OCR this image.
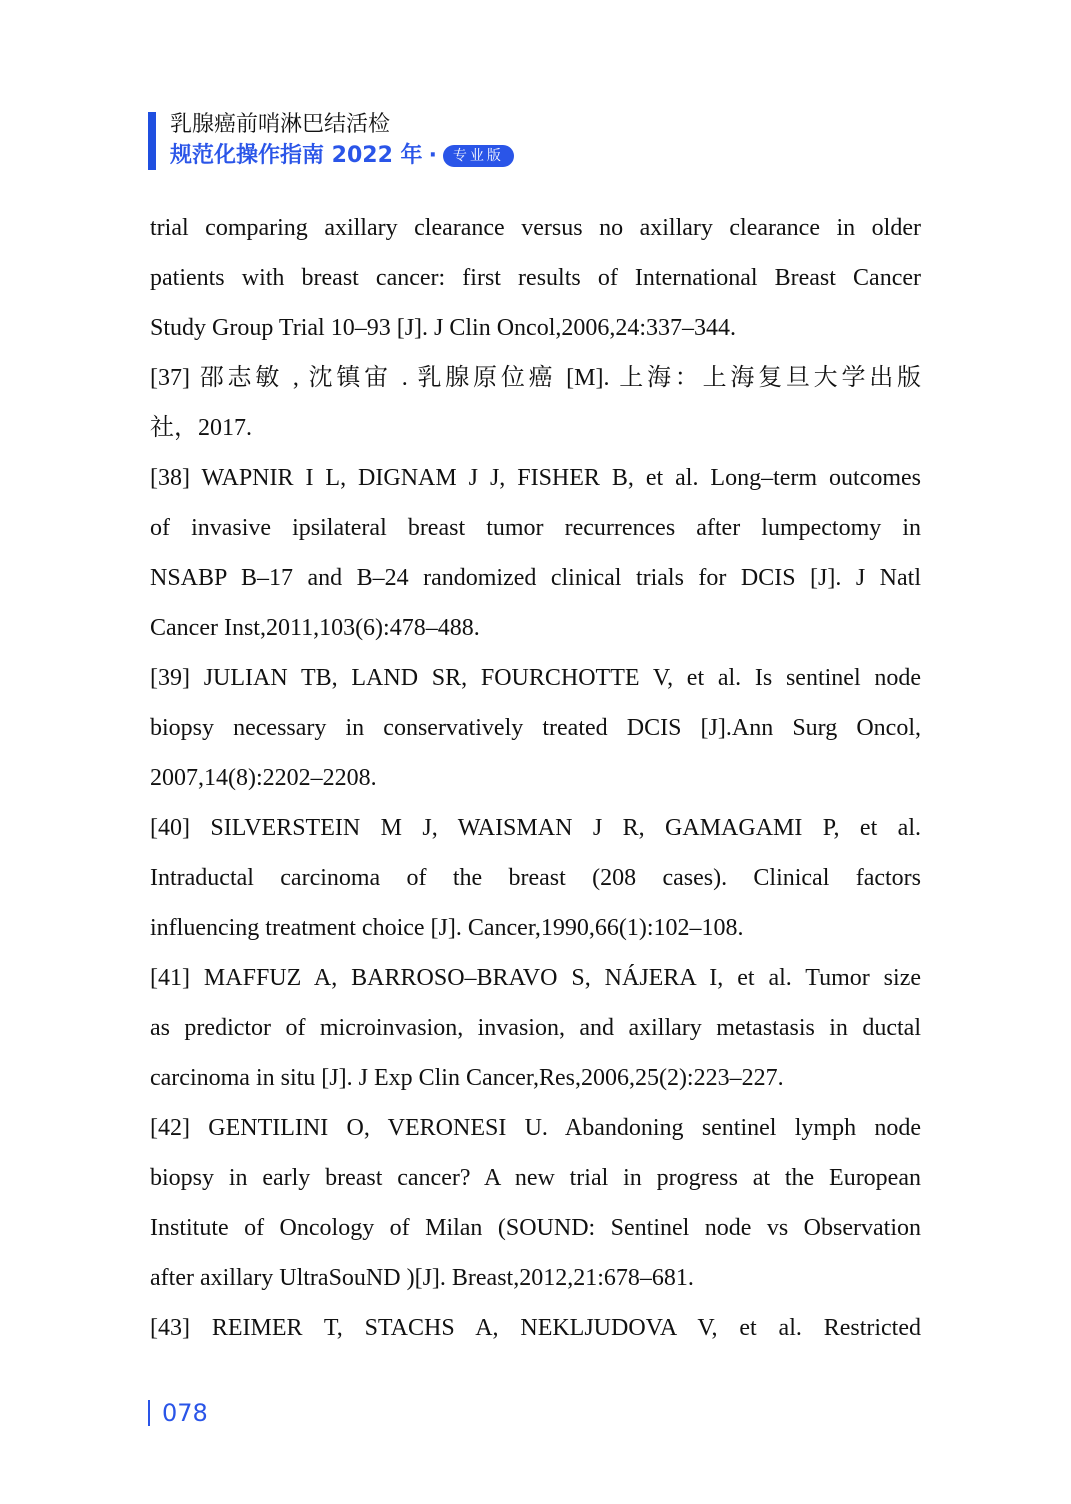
乳腺癌前哨淋巴结活检
规范化操作指南 2022 年 ·	专业版
trial comparing axillary clearance versus no axillary clearance in older
patients with breast cancer: first results of International Breast Cancer
Study Group Trial 10–93 [J]. J Clin Oncol,2006,24:337–344.
[37] 邵志敏 , 沈镇宙 . 乳腺原位癌 [M]. 上海：上海复旦大学出版
社，2017.
[38] WAPNIR I L, DIGNAM J J, FISHER B, et al. Long–term outcomes
of invasive ipsilateral breast tumor recurrences after lumpectomy in
NSABP B–17 and B–24 randomized clinical trials for DCIS [J]. J Natl
Cancer Inst,2011,103(6):478–488.
[39] JULIAN TB, LAND SR, FOURCHOTTE V, et al. Is sentinel node
biopsy necessary in conservatively treated DCIS [J].Ann Surg Oncol,
2007,14(8):2202–2208.
[40] SILVERSTEIN M J, WAISMAN J R, GAMAGAMI P, et al.
Intraductal carcinoma of the breast (208 cases). Clinical factors
influencing treatment choice [J]. Cancer,1990,66(1):102–108.
[41] MAFFUZ A, BARROSO–BRAVO S, NÁJERA I, et al. Tumor size
as predictor of microinvasion, invasion, and axillary metastasis in ductal
carcinoma in situ [J]. J Exp Clin Cancer,Res,2006,25(2):223–227.
[42] GENTILINI O, VERONESI U. Abandoning sentinel lymph node
biopsy in early breast cancer? A new trial in progress at the European
Institute of Oncology of Milan (SOUND: Sentinel node vs Observation
after axillary UltraSouND )[J]. Breast,2012,21:678–681.
[43] REIMER T, STACHS A, NEKLJUDOVA V, et al. Restricted
078
